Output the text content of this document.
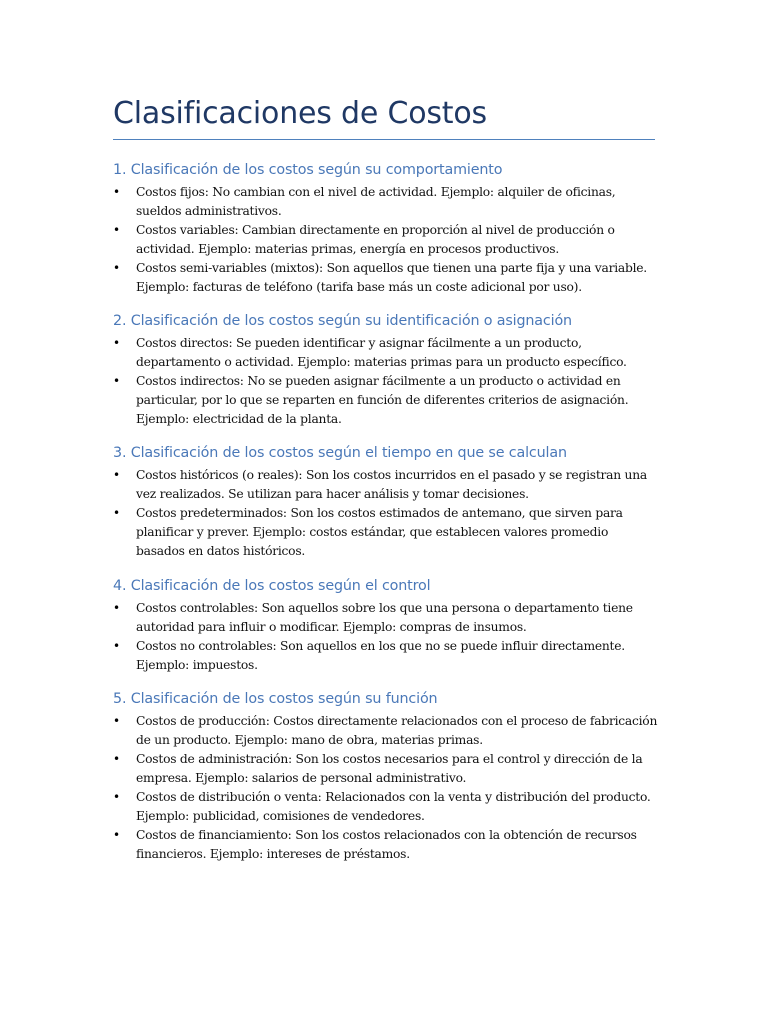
Clasificaciones de Costos
1. Clasificación de los costos según su comportamiento
• Costos fijos: No cambian con el nivel de actividad. Ejemplo: alquiler de oficinas, sueldos administrativos.
• Costos variables: Cambian directamente en proporción al nivel de producción o actividad. Ejemplo: materias primas, energía en procesos productivos.
• Costos semi-variables (mixtos): Son aquellos que tienen una parte fija y una variable. Ejemplo: facturas de teléfono (tarifa base más un coste adicional por uso).
2. Clasificación de los costos según su identificación o asignación
• Costos directos: Se pueden identificar y asignar fácilmente a un producto, departamento o actividad. Ejemplo: materias primas para un producto específico.
• Costos indirectos: No se pueden asignar fácilmente a un producto o actividad en particular, por lo que se reparten en función de diferentes criterios de asignación. Ejemplo: electricidad de la planta.
3. Clasificación de los costos según el tiempo en que se calculan
• Costos históricos (o reales): Son los costos incurridos en el pasado y se registran una vez realizados. Se utilizan para hacer análisis y tomar decisiones.
• Costos predeterminados: Son los costos estimados de antemano, que sirven para planificar y prever. Ejemplo: costos estándar, que establecen valores promedio basados en datos históricos.
4. Clasificación de los costos según el control
• Costos controlables: Son aquellos sobre los que una persona o departamento tiene autoridad para influir o modificar. Ejemplo: compras de insumos.
• Costos no controlables: Son aquellos en los que no se puede influir directamente. Ejemplo: impuestos.
5. Clasificación de los costos según su función
• Costos de producción: Costos directamente relacionados con el proceso de fabricación de un producto. Ejemplo: mano de obra, materias primas.
• Costos de administración: Son los costos necesarios para el control y dirección de la empresa. Ejemplo: salarios de personal administrativo.
• Costos de distribución o venta: Relacionados con la venta y distribución del producto. Ejemplo: publicidad, comisiones de vendedores.
• Costos de financiamiento: Son los costos relacionados con la obtención de recursos financieros. Ejemplo: intereses de préstamos.
